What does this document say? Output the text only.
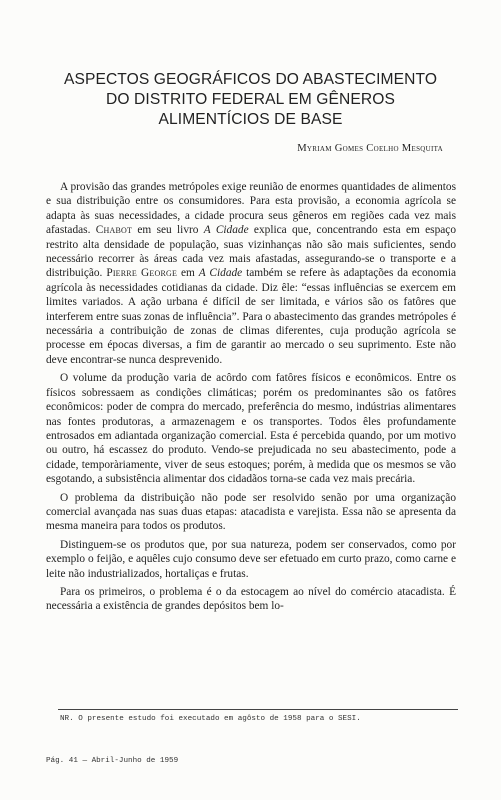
ASPECTOS GEOGRÁFICOS DO ABASTECIMENTO
DO DISTRITO FEDERAL EM GÊNEROS
ALIMENTÍCIOS DE BASE
Myriam Gomes Coelho Mesquita

A provisão das grandes metrópoles exige reunião de enormes quantidades de alimentos e sua distribuição entre os consumidores. Para esta provisão, a economia agrícola se adapta às suas necessidades, a cidade procura seus gêneros em regiões cada vez mais afastadas. Chabot em seu livro A Cidade explica que, concentrando esta em espaço restrito alta densidade de população, suas vizinhanças não são mais suficientes, sendo necessário recorrer às áreas cada vez mais afastadas, assegurando-se o transporte e a distribuição. Pierre George em A Cidade também se refere às adaptações da economia agrícola às necessidades cotidianas da cidade. Diz êle: “essas influências se exercem em limites variados. A ação urbana é difícil de ser limitada, e vários são os fatôres que interferem entre suas zonas de influência”. Para o abastecimento das grandes metrópoles é necessária a contribuição de zonas de climas diferentes, cuja produção agrícola se processe em épocas diversas, a fim de garantir ao mercado o seu suprimento. Este não deve encontrar-se nunca desprevenido.

O volume da produção varia de acôrdo com fatôres físicos e econômicos. Entre os físicos sobressaem as condições climáticas; porém os predominantes são os fatôres econômicos: poder de compra do mercado, preferência do mesmo, indústrias alimentares nas fontes produtoras, a armazenagem e os transportes. Todos êles profundamente entrosados em adiantada organização comercial. Esta é percebida quando, por um motivo ou outro, há escassez do produto. Vendo-se prejudicada no seu abastecimento, pode a cidade, temporàriamente, viver de seus estoques; porém, à medida que os mesmos se vão esgotando, a subsistência alimentar dos cidadãos torna-se cada vez mais precária.

O problema da distribuição não pode ser resolvido senão por uma organização comercial avançada nas suas duas etapas: atacadista e varejista. Essa não se apresenta da mesma maneira para todos os produtos.

Distinguem-se os produtos que, por sua natureza, podem ser conservados, como por exemplo o feijão, e aquêles cujo consumo deve ser efetuado em curto prazo, como carne e leite não industrializados, hortaliças e frutas.

Para os primeiros, o problema é o da estocagem ao nível do comércio atacadista. É necessária a existência de grandes depósitos bem lo-

NR. O presente estudo foi executado em agôsto de 1958 para o SESI.
Pág. 41 — Abril-Junho de 1959
